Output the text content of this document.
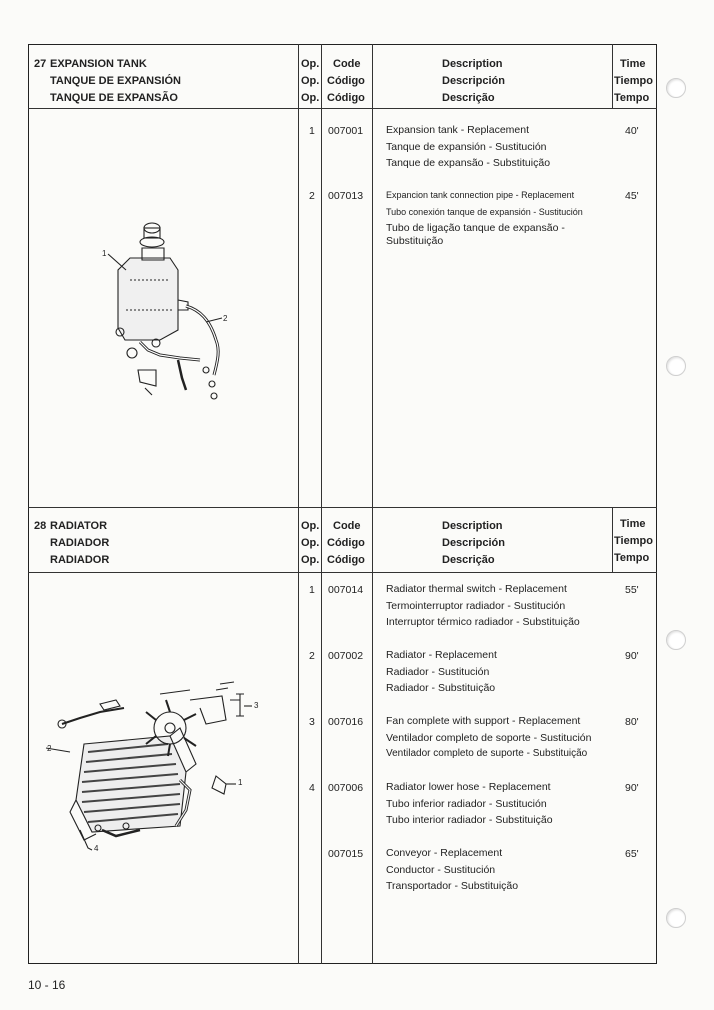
27 EXPANSION TANK
TANQUE DE EXPANSIÓN
TANQUE DE EXPANSÃO
Op.
Op.
Op.
Code
Código
Código
Description
Descripción
Descrição
Time
Tiempo
Tempo
1 007001 Expansion tank - Replacement
Tanque de expansión - Sustitución
Tanque de expansão - Substituição
40'
2 007013	Expancion tank connection pipe - Replacement
Tubo conexión tanque de expansión - Sustitución
Tubo de ligação tanque de expansão -
Substituição
45'
1
2
28 RADIATOR
RADIADOR
RADIADOR
Op.
Op.
Op.
Code
Código
Código
Description
Descripción
Descrição
Time
Tiempo
Tempo
1 007014 Radiator thermal switch - Replacement
Termointerruptor radiador - Sustitución
Interruptor térmico radiador - Substituição
55'
2 007002 Radiator - Replacement
Radiador - Sustitución
Radiador - Substituição
90'
3 007016 Fan complete with support - Replacement
Ventilador completo de soporte - Sustitución
Ventilador completo de suporte - Substituição
80'
4 007006 Radiator lower hose - Replacement
Tubo inferior radiador - Sustitución
Tubo interior radiador - Substituição
90'
007015 Conveyor - Replacement
Conductor - Sustitución
Transportador - Substituição
65'
1
2
3
4
10 - 16
